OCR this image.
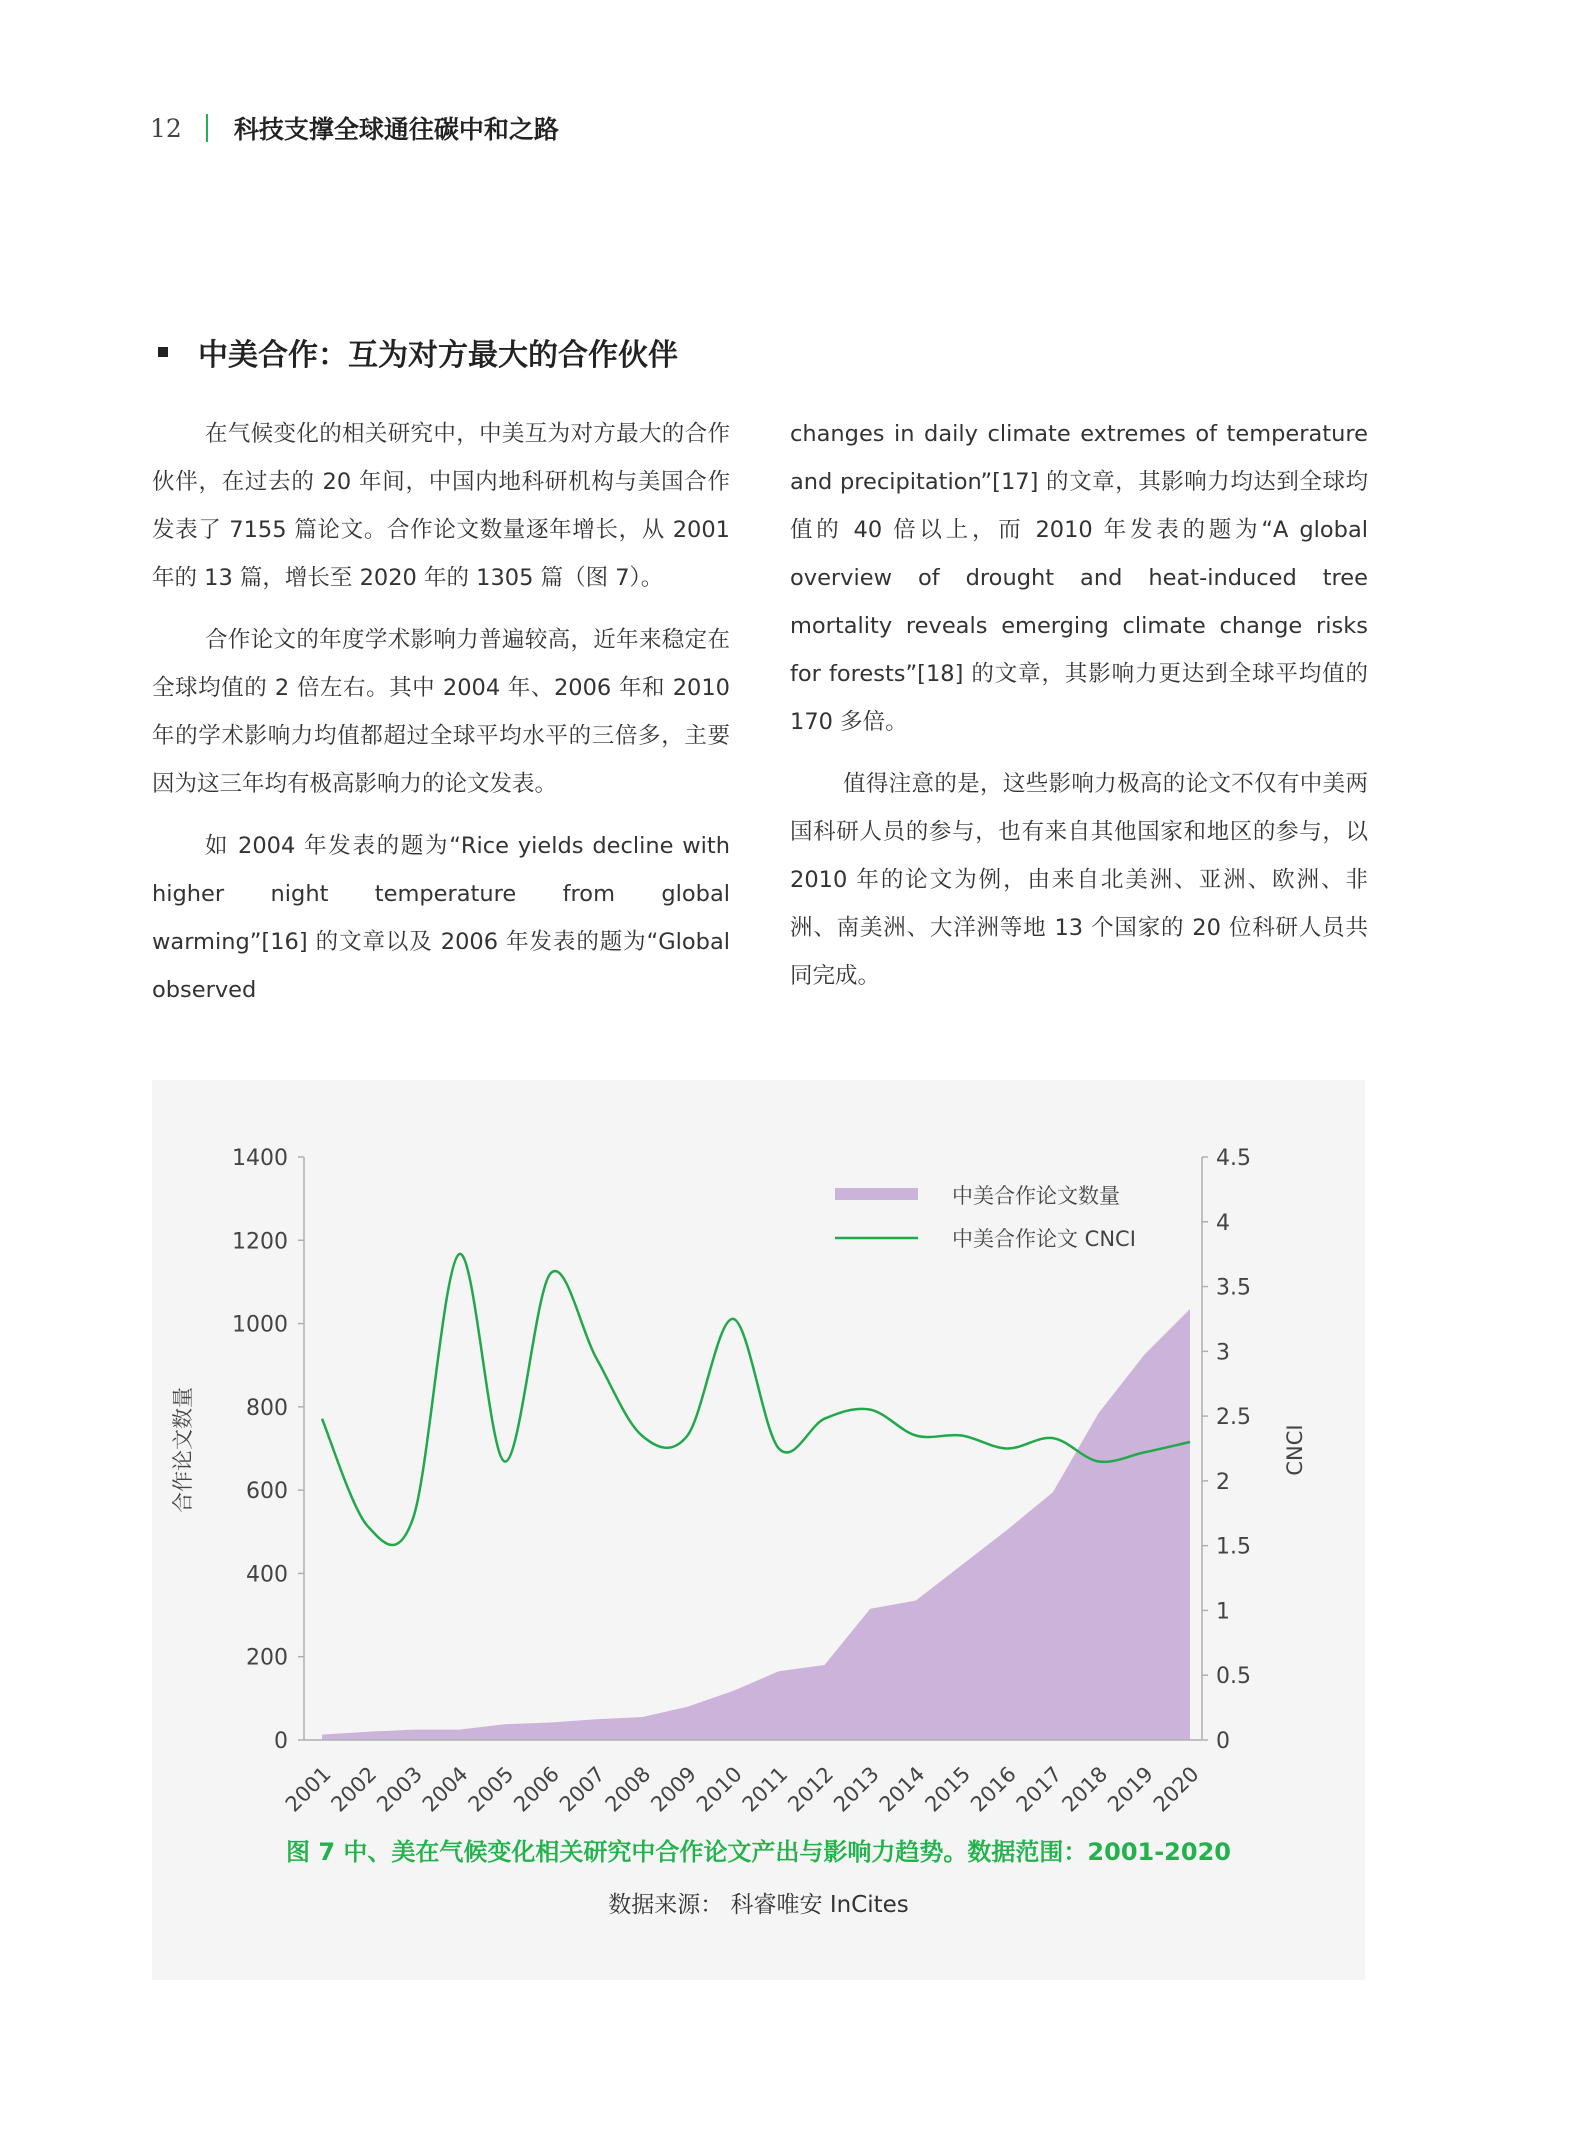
12 科技支撑全球通往碳中和之路
中美合作：互为对方最大的合作伙伴

在气候变化的相关研究中，中美互为对方最大的合作伙伴，在过去的 20 年间，中国内地科研机构与美国合作发表了 7155 篇论文。合作论文数量逐年增长，从 2001 年的 13 篇，增长至 2020 年的 1305 篇（图 7）。

合作论文的年度学术影响力普遍较高，近年来稳定在全球均值的 2 倍左右。其中 2004 年、2006 年和 2010 年的学术影响力均值都超过全球平均水平的三倍多，主要因为这三年均有极高影响力的论文发表。

如 2004 年发表的题为“Rice yields decline with higher night temperature from global warming”[16] 的文章以及 2006 年发表的题为“Global observed

changes in daily climate extremes of temperature and precipitation”[17] 的文章，其影响力均达到全球均值的 40 倍以上，而 2010 年发表的题为“A global overview of drought and heat-induced tree mortality reveals emerging climate change risks for forests”[18] 的文章，其影响力更达到全球平均值的 170 多倍。

值得注意的是，这些影响力极高的论文不仅有中美两国科研人员的参与，也有来自其他国家和地区的参与，以 2010 年的论文为例，由来自北美洲、亚洲、欧洲、非洲、南美洲、大洋洲等地 13 个国家的 20 位科研人员共同完成。

0
200
400
600
800
1000
1200
1400
0
0.5
1
1.5
2
2.5
3
3.5
4
4.5
2001
2002
2003
2004
2005
2006
2007
2008
2009
2010
2011
2012
2013
2014
2015
2016
2017
2018
2019
2020
合作论文数量	CNCI
中美合作论文数量
中美合作论文 CNCI
图 7 中、美在气候变化相关研究中合作论文产出与影响力趋势。数据范围：2001-2020
数据来源： 科睿唯安 InCites
